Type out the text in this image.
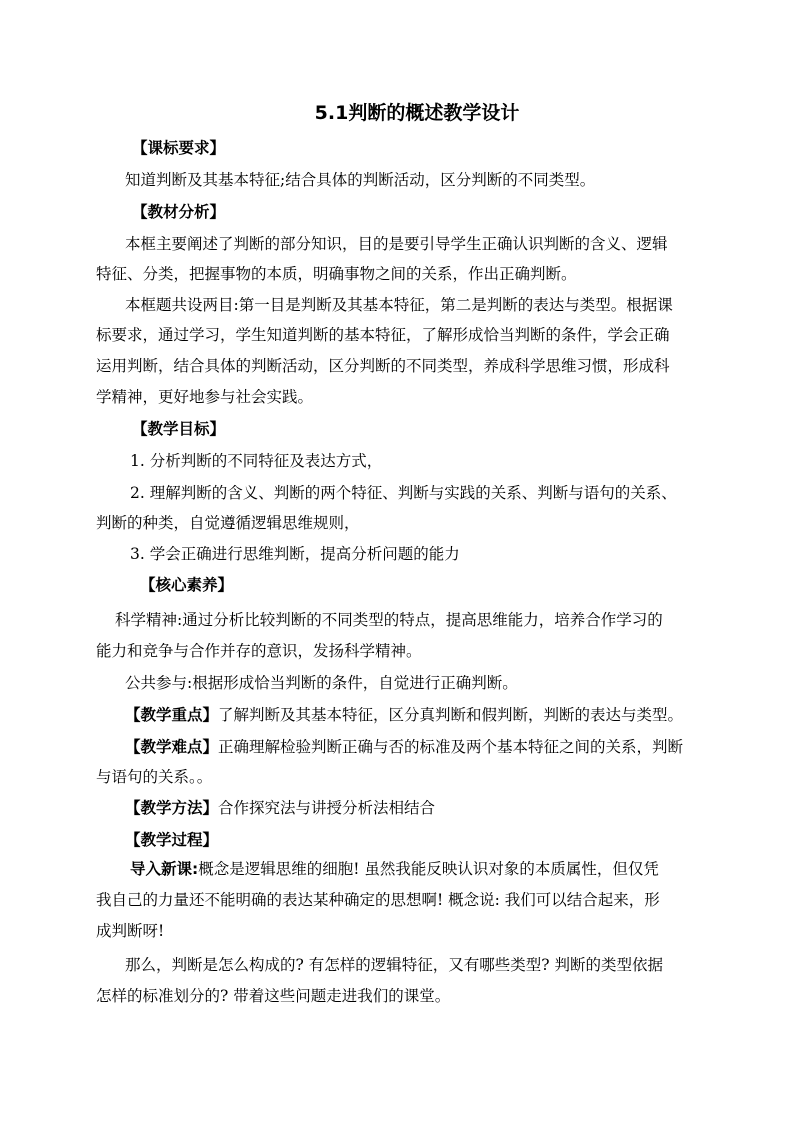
5.1判断的概述教学设计
【课标要求】
知道判断及其基本特征;结合具体的判断活动，区分判断的不同类型。
【教材分析】
本框主要阐述了判断的部分知识，目的是要引导学生正确认识判断的含义、逻辑
特征、分类，把握事物的本质，明确事物之间的关系，作出正确判断。
本框题共设两目:第一目是判断及其基本特征，第二是判断的表达与类型。根据课
标要求，通过学习，学生知道判断的基本特征，了解形成恰当判断的条件，学会正确
运用判断，结合具体的判断活动，区分判断的不同类型，养成科学思维习惯，形成科
学精神，更好地参与社会实践。
【教学目标】
1. 分析判断的不同特征及表达方式，
2. 理解判断的含义、判断的两个特征、判断与实践的关系、判断与语句的关系、
判断的种类，自觉遵循逻辑思维规则，
3. 学会正确进行思维判断，提高分析问题的能力
【核心素养】
科学精神:通过分析比较判断的不同类型的特点，提高思维能力，培养合作学习的
能力和竞争与合作并存的意识，发扬科学精神。
公共参与:根据形成恰当判断的条件，自觉进行正确判断。
【教学重点】了解判断及其基本特征，区分真判断和假判断，判断的表达与类型。
【教学难点】正确理解检验判断正确与否的标准及两个基本特征之间的关系，判断
与语句的关系。。
【教学方法】合作探究法与讲授分析法相结合
【教学过程】
导入新课:概念是逻辑思维的细胞! 虽然我能反映认识对象的本质属性，但仅凭
我自己的力量还不能明确的表达某种确定的思想啊! 概念说: 我们可以结合起来，形
成判断呀!
那么，判断是怎么构成的? 有怎样的逻辑特征，又有哪些类型? 判断的类型依据
怎样的标准划分的? 带着这些问题走进我们的课堂。
